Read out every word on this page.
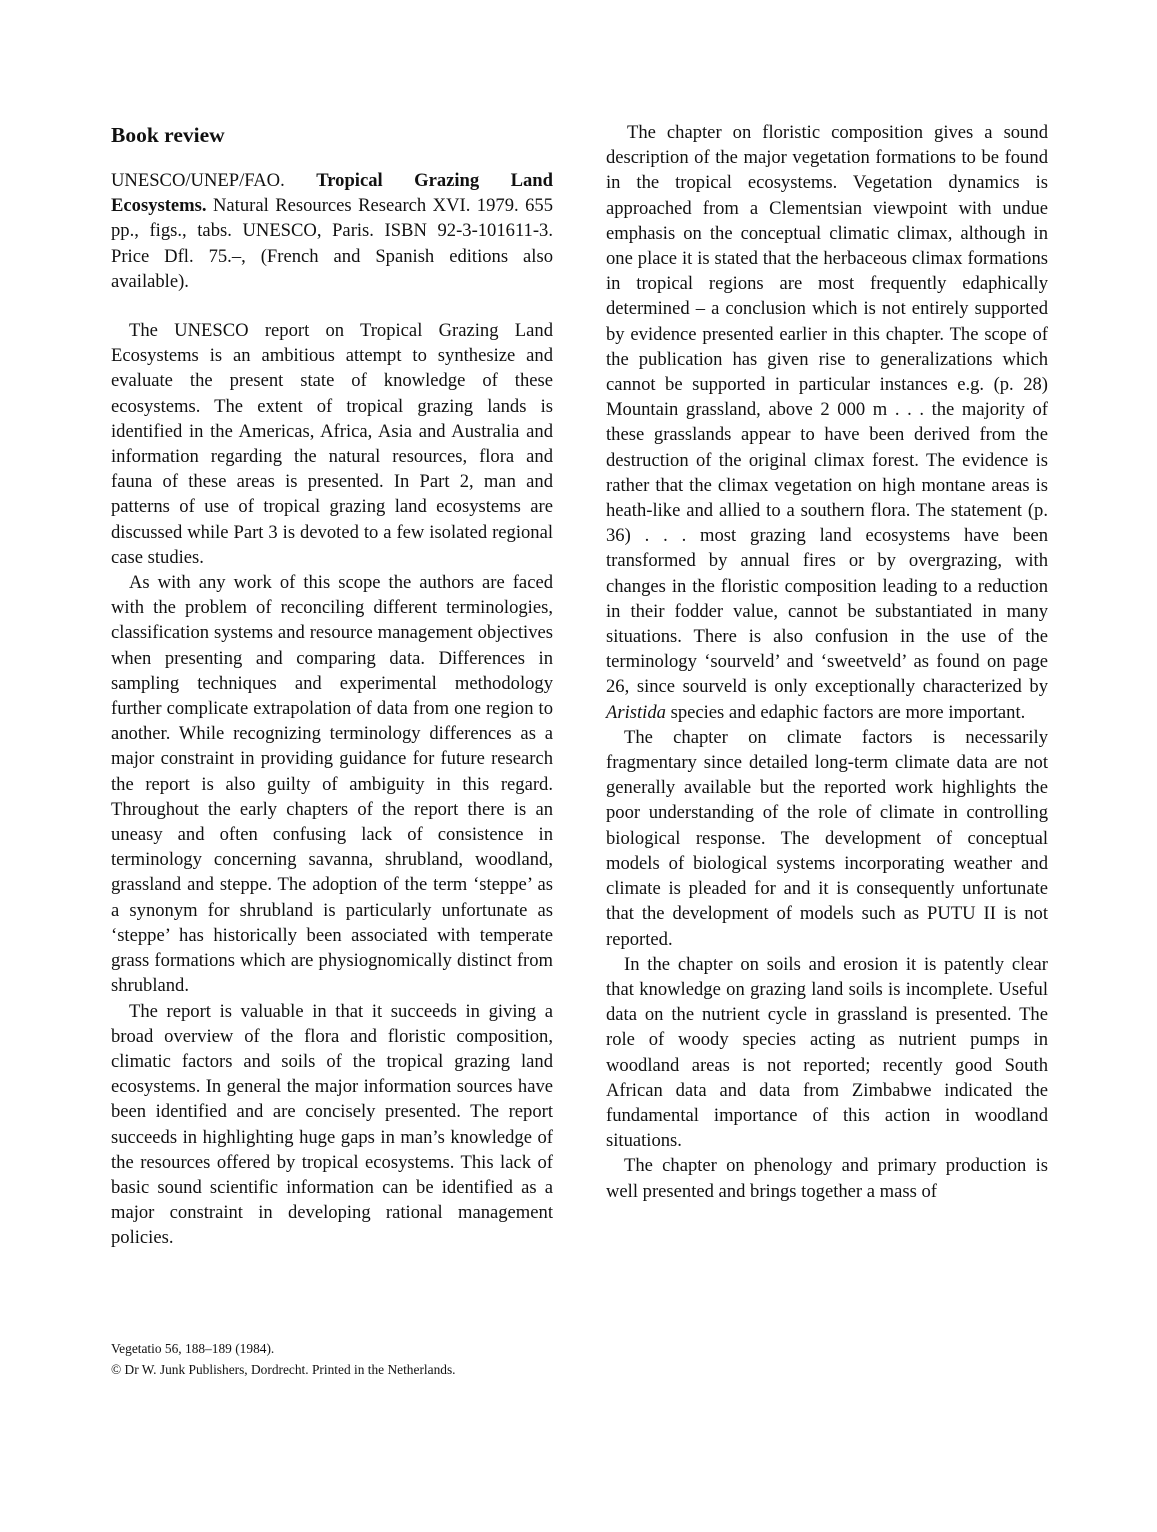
Book review
UNESCO/UNEP/FAO. Tropical Grazing Land Ecosystems. Natural Resources Research XVI. 1979. 655 pp., figs., tabs. UNESCO, Paris. ISBN 92-3-101611-3. Price Dfl. 75.–, (French and Spanish editions also available).

The UNESCO report on Tropical Grazing Land Ecosystems is an ambitious attempt to synthesize and evaluate the present state of knowledge of these ecosystems. The extent of tropical grazing lands is identified in the Americas, Africa, Asia and Australia and information regarding the natural resources, flora and fauna of these areas is presented. In Part 2, man and patterns of use of tropical grazing land ecosystems are discussed while Part 3 is devoted to a few isolated regional case studies.

As with any work of this scope the authors are faced with the problem of reconciling different terminologies, classification systems and resource management objectives when presenting and comparing data. Differences in sampling techniques and experimental methodology further complicate extrapolation of data from one region to another. While recognizing terminology differences as a major constraint in providing guidance for future research the report is also guilty of ambiguity in this regard. Throughout the early chapters of the report there is an uneasy and often confusing lack of consistence in terminology concerning savanna, shrubland, woodland, grassland and steppe. The adoption of the term ‘steppe’ as a synonym for shrubland is particularly unfortunate as ‘steppe’ has historically been associated with temperate grass formations which are physiognomically distinct from shrubland.

The report is valuable in that it succeeds in giving a broad overview of the flora and floristic composition, climatic factors and soils of the tropical grazing land ecosystems. In general the major information sources have been identified and are concisely presented. The report succeeds in highlighting huge gaps in man’s knowledge of the resources offered by tropical ecosystems. This lack of basic sound scientific information can be identified as a major constraint in developing rational management policies.

The chapter on floristic composition gives a sound description of the major vegetation formations to be found in the tropical ecosystems. Vegetation dynamics is approached from a Clementsian viewpoint with undue emphasis on the conceptual climatic climax, although in one place it is stated that the herbaceous climax formations in tropical regions are most frequently edaphically determined – a conclusion which is not entirely supported by evidence presented earlier in this chapter. The scope of the publication has given rise to generalizations which cannot be supported in particular instances e.g. (p. 28) Mountain grassland, above 2 000 m . . . the majority of these grasslands appear to have been derived from the destruction of the original climax forest. The evidence is rather that the climax vegetation on high montane areas is heath-like and allied to a southern flora. The statement (p. 36) . . . most grazing land ecosystems have been transformed by annual fires or by overgrazing, with changes in the floristic composition leading to a reduction in their fodder value, cannot be substantiated in many situations. There is also confusion in the use of the terminology ‘sourveld’ and ‘sweetveld’ as found on page 26, since sourveld is only exceptionally characterized by Aristida species and edaphic factors are more important.

The chapter on climate factors is necessarily fragmentary since detailed long-term climate data are not generally available but the reported work highlights the poor understanding of the role of climate in controlling biological response. The development of conceptual models of biological systems incorporating weather and climate is pleaded for and it is consequently unfortunate that the development of models such as PUTU II is not reported.

In the chapter on soils and erosion it is patently clear that knowledge on grazing land soils is incomplete. Useful data on the nutrient cycle in grassland is presented. The role of woody species acting as nutrient pumps in woodland areas is not reported; recently good South African data and data from Zimbabwe indicated the fundamental importance of this action in woodland situations.

The chapter on phenology and primary production is well presented and brings together a mass of

Vegetatio 56, 188–189 (1984).
© Dr W. Junk Publishers, Dordrecht. Printed in the Netherlands.
